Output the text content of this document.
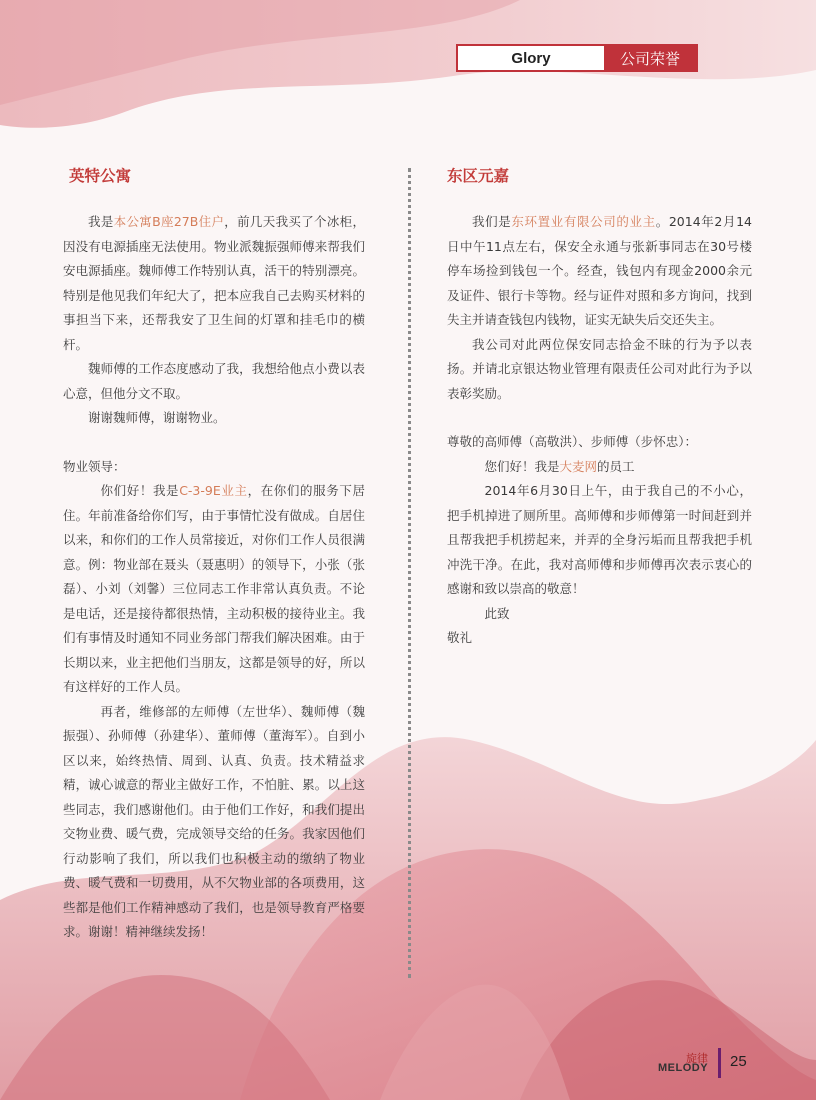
Glory	公司荣誉
英特公寓

我是本公寓B座27B住户，前几天我买了个冰柜，因没有电源插座无法使用。物业派魏振强师傅来帮我们安电源插座。魏师傅工作特别认真，活干的特别漂亮。特别是他见我们年纪大了，把本应我自己去购买材料的事担当下来，还帮我安了卫生间的灯罩和挂毛巾的横杆。

魏师傅的工作态度感动了我，我想给他点小费以表心意，但他分文不取。

谢谢魏师傅，谢谢物业。

物业领导：

你们好！我是C-3-9E业主，在你们的服务下居住。年前准备给你们写，由于事情忙没有做成。自居住以来，和你们的工作人员常接近，对你们工作人员很满意。例：物业部在聂头（聂惠明）的领导下，小张（张磊）、小刘（刘馨）三位同志工作非常认真负责。不论是电话，还是接待都很热情，主动积极的接待业主。我们有事情及时通知不同业务部门帮我们解决困难。由于长期以来，业主把他们当朋友，这都是领导的好，所以有这样好的工作人员。

再者，维修部的左师傅（左世华）、魏师傅（魏振强）、孙师傅（孙建华）、董师傅（董海军）。自到小区以来，始终热情、周到、认真、负责。技术精益求精，诚心诚意的帮业主做好工作，不怕脏、累。以上这些同志，我们感谢他们。由于他们工作好，和我们提出交物业费、暖气费，完成领导交给的任务。我家因他们行动影响了我们，所以我们也积极主动的缴纳了物业费、暖气费和一切费用，从不欠物业部的各项费用，这些都是他们工作精神感动了我们，也是领导教育严格要求。谢谢！精神继续发扬！

东区元嘉

我们是东环置业有限公司的业主。2014年2月14日中午11点左右，保安全永通与张新事同志在30号楼停车场捡到钱包一个。经查，钱包内有现金2000余元及证件、银行卡等物。经与证件对照和多方询问，找到失主并请查钱包内钱物，证实无缺失后交还失主。

我公司对此两位保安同志拾金不昧的行为予以表扬。并请北京银达物业管理有限责任公司对此行为予以表彰奖励。

尊敬的高师傅（高敬洪）、步师傅（步怀忠）：

您们好！我是大麦网的员工

2014年6月30日上午，由于我自己的不小心，把手机掉进了厕所里。高师傅和步师傅第一时间赶到并且帮我把手机捞起来，并弄的全身污垢而且帮我把手机冲洗干净。在此，我对高师傅和步师傅再次表示衷心的感谢和致以崇高的敬意！

此致

敬礼

旋律
MELODY 25
